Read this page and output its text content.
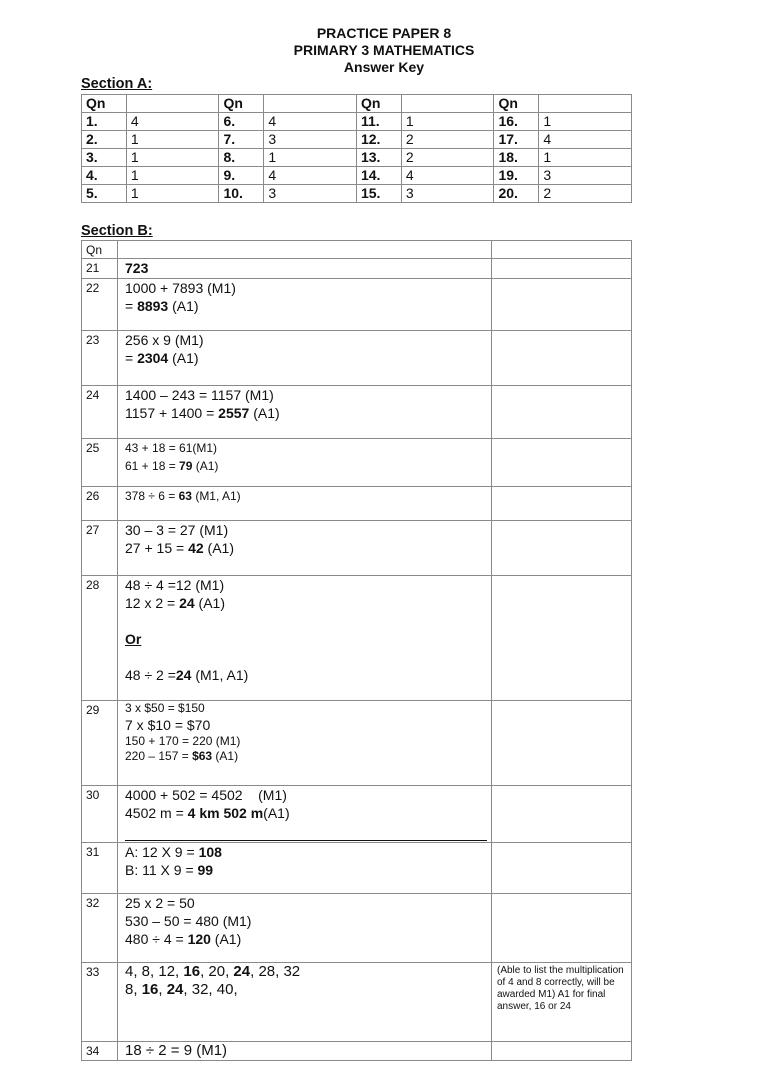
PRACTICE PAPER 8
PRIMARY 3 MATHEMATICS
Answer Key
Section A:
Qn		Qn		Qn		Qn	
1.	4	6.	4	11.	1	16.	1
2.	1	7.	3	12.	2	17.	4
3.	1	8.	1	13.	2	18.	1
4.	1	9.	4	14.	4	19.	3
5.	1	10.	3	15.	3	20.	2
Section B:
Qn		
21	723	
22	1000 + 7893 (M1)
= 8893 (A1)	

23	256 x 9 (M1)
= 2304 (A1)	

24	1400 – 243 = 1157 (M1)
1157 + 1400 = 2557 (A1)	

25	43 + 18 = 61(M1)
61 + 18 = 79 (A1)	

26	378 ÷ 6 = 63 (M1, A1)	

27	30 – 3 = 27 (M1)
27 + 15 = 42 (A1)	

28	48 ÷ 4 =12 (M1)
12 x 2 = 24 (A1)
Or
48 ÷ 2 =24 (M1, A1)	

29	3 x $50 = $150
7 x $10 = $70
150 + 170 = 220 (M1)
220 – 157 = $63 (A1)	

30	4000 + 502 = 4502    (M1)
4502 m = 4 km 502 m(A1)	

31	A: 12 X 9 = 108
B: 11 X 9 = 99	

32	25 x 2 = 50
530 – 50 = 480 (M1)
480 ÷ 4 = 120 (A1)	

33	4, 8, 12, 16, 20, 24, 28, 32
8, 16, 24, 32, 40,	(Able to list the multiplication of 4 and 8 correctly, will be awarded M1) A1 for final answer, 16 or 24
34	18 ÷ 2 = 9 (M1)	
